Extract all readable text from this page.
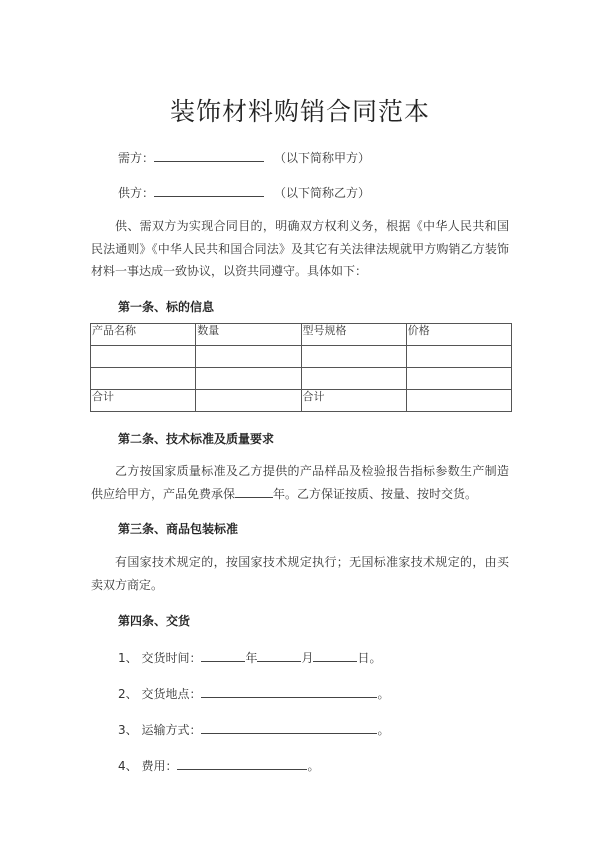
装饰材料购销合同范本
需方：	（以下简称甲方）
供方：	（以下简称乙方）
供、需双方为实现合同目的，明确双方权利义务，根据《中华人民共和国民法通则》《中华人民共和国合同法》及其它有关法律法规就甲方购销乙方装饰材料一事达成一致协议，以资共同遵守。具体如下：
第一条、标的信息
产品名称	数量	型号规格	价格

合计		合计	
第二条、技术标准及质量要求
乙方按国家质量标准及乙方提供的产品样品及检验报告指标参数生产制造供应给甲方，产品免费承保	年。乙方保证按质、按量、按时交货。
第三条、商品包装标准
有国家技术规定的，按国家技术规定执行；无国标准家技术规定的，由买卖双方商定。
第四条、交货
1、 交货时间：	年	月	日。
2、 交货地点：	。
3、 运输方式：	。
4、 费用：	。
